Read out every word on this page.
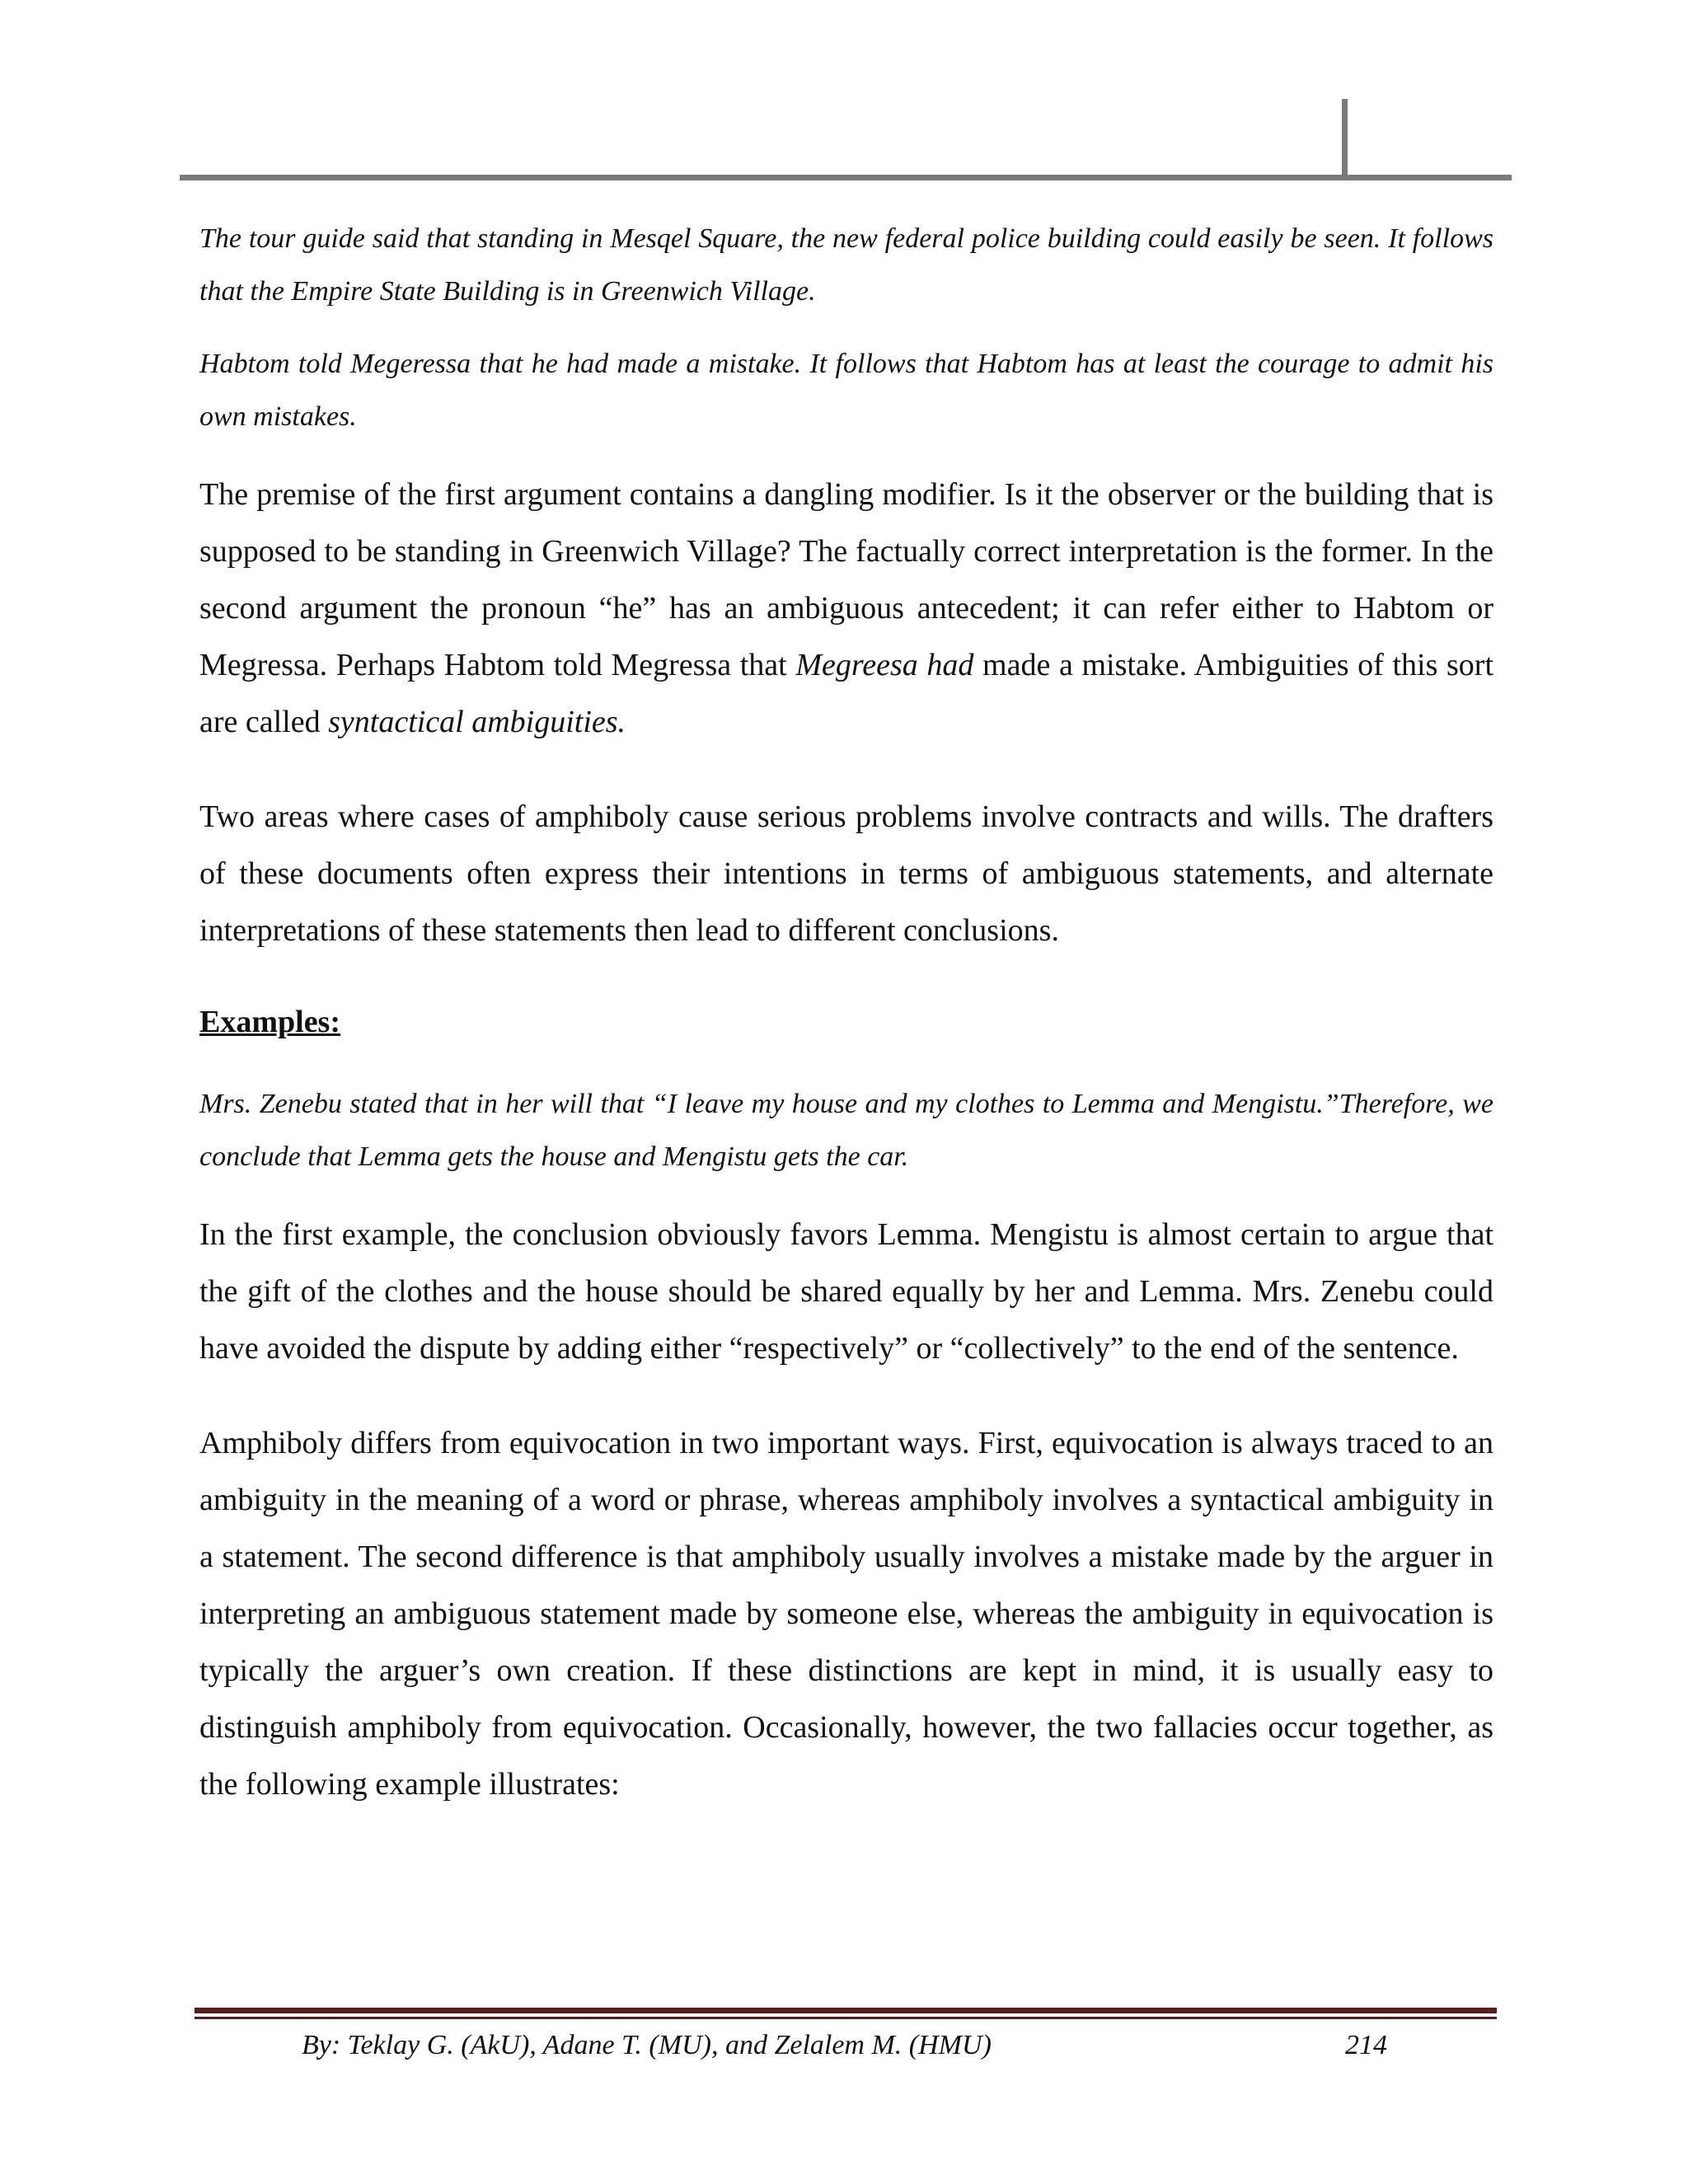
The tour guide said that standing in Mesqel Square, the new federal police building could easily be seen. It follows that the Empire State Building is in Greenwich Village.

Habtom told Megeressa that he had made a mistake. It follows that Habtom has at least the courage to admit his own mistakes.

The premise of the first argument contains a dangling modifier. Is it the observer or the building that is supposed to be standing in Greenwich Village? The factually correct interpretation is the former. In the second argument the pronoun “he” has an ambiguous antecedent; it can refer either to Habtom or Megressa. Perhaps Habtom told Megressa that Megreesa had made a mistake. Ambiguities of this sort are called syntactical ambiguities.

Two areas where cases of amphiboly cause serious problems involve contracts and wills. The drafters of these documents often express their intentions in terms of ambiguous statements, and alternate interpretations of these statements then lead to different conclusions.

Examples:

Mrs. Zenebu stated that in her will that “I leave my house and my clothes to Lemma and Mengistu.”Therefore, we conclude that Lemma gets the house and Mengistu gets the car.

In the first example, the conclusion obviously favors Lemma. Mengistu is almost certain to argue that the gift of the clothes and the house should be shared equally by her and Lemma. Mrs. Zenebu could have avoided the dispute by adding either “respectively” or “collectively” to the end of the sentence.

Amphiboly differs from equivocation in two important ways. First, equivocation is always traced to an ambiguity in the meaning of a word or phrase, whereas amphiboly involves a syntactical ambiguity in a statement. The second difference is that amphiboly usually involves a mistake made by the arguer in interpreting an ambiguous statement made by someone else, whereas the ambiguity in equivocation is typically the arguer’s own creation. If these distinctions are kept in mind, it is usually easy to distinguish amphiboly from equivocation. Occasionally, however, the two fallacies occur together, as the following example illustrates:

By: Teklay G. (AkU), Adane T. (MU), and Zelalem M. (HMU)	214
